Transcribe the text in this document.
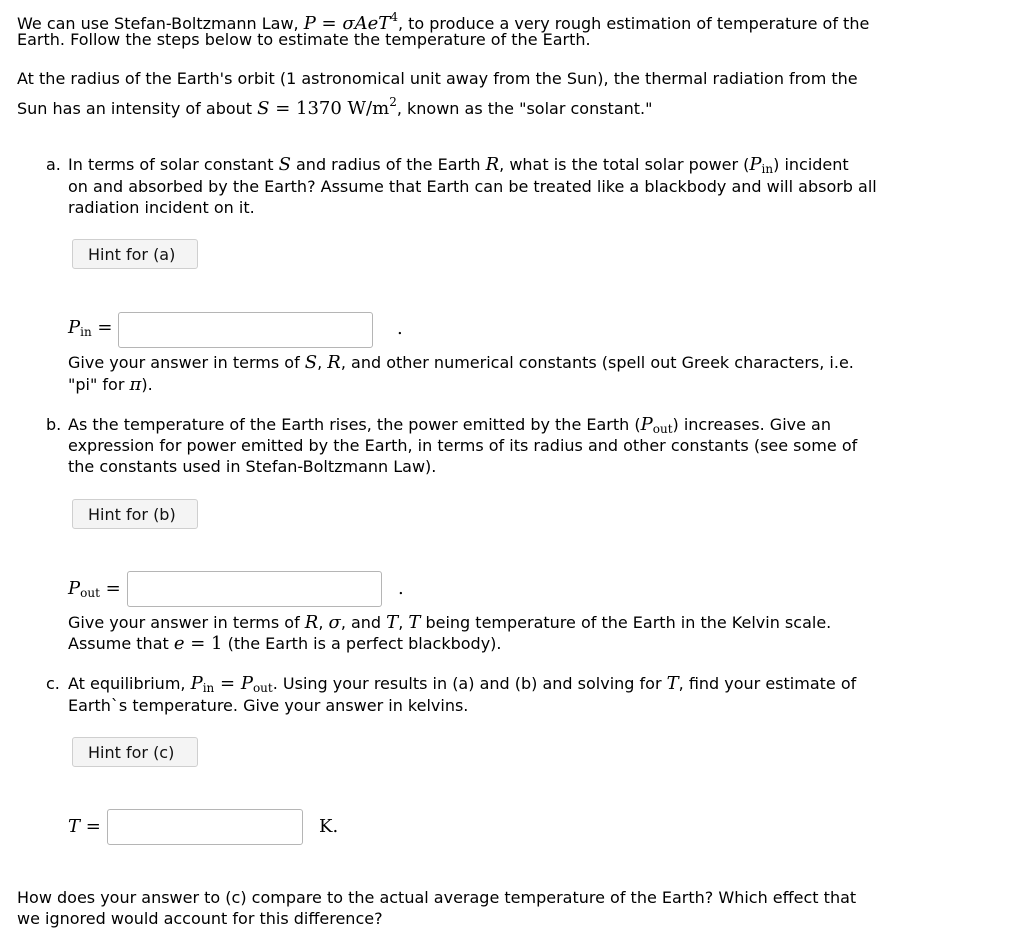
We can use Stefan-Boltzmann Law, P = σAeT$^4$, to produce a very rough estimation of temperature of the
Earth. Follow the steps below to estimate the temperature of the Earth.
At the radius of the Earth's orbit (1 astronomical unit away from the Sun), the thermal radiation from the
Sun has an intensity of about S = 1370 $W/m^2$, known as the "solar constant."
a. In terms of solar constant S and radius of the Earth R, what is the total solar power $(P_{in})$ incident
on and absorbed by the Earth? Assume that Earth can be treated like a blackbody and will absorb all
radiation incident on it.
Hint for (a)
$P_{in}$ =	.
Give your answer in terms of S, R, and other numerical constants (spell out Greek characters, i.e.
"pi" for π).
b. As the temperature of the Earth rises, the power emitted by the Earth $(P_{out})$ increases. Give an
expression for power emitted by the Earth, in terms of its radius and other constants (see some of
the constants used in Stefan-Boltzmann Law).
Hint for (b)
$P_{out}$ =	.
Give your answer in terms of R, σ, and T, T being temperature of the Earth in the Kelvin scale.
Assume that e = 1 (the Earth is a perfect blackbody).
c. At equilibrium, $P_{in} = P_{out}$. Using your results in (a) and (b) and solving for T, find your estimate of
Earth`s temperature. Give your answer in kelvins.
Hint for (c)
T =	K.
How does your answer to (c) compare to the actual average temperature of the Earth? Which effect that
we ignored would account for this difference?
